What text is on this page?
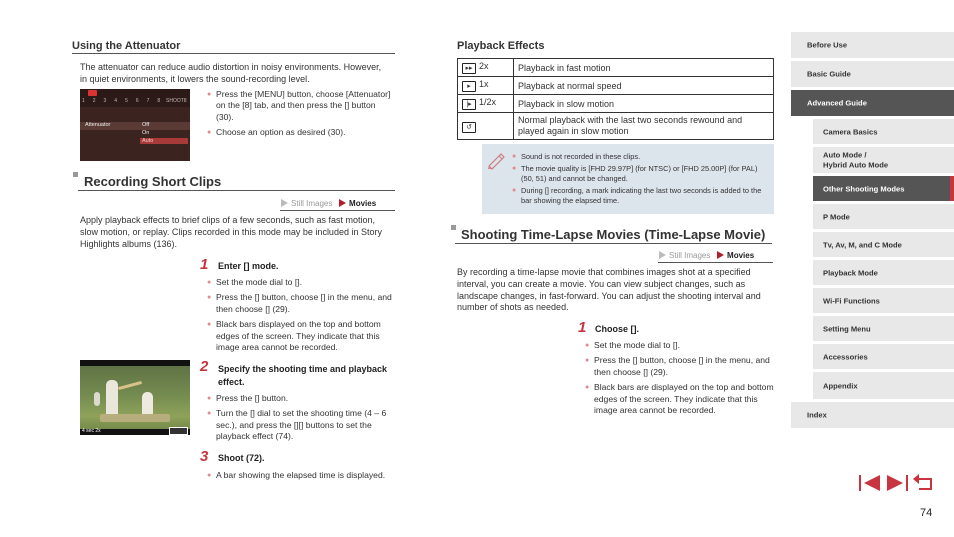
Using the Attenuator
The attenuator can reduce audio distortion in noisy environments. However, in quiet environments, it lowers the sound-recording level.
1 2 3 4 5 6 7 8 SHOOT8
Attenuator	Off
On
Auto
● Press the [MENU] button, choose [Attenuator] on the [8] tab, and then press the [] button (30).
● Choose an option as desired (30).
Recording Short Clips
Still Images Movies
Apply playback effects to brief clips of a few seconds, such as fast motion, slow motion, or replay. Clips recorded in this mode may be included in Story Highlights albums (136).
1 Enter [] mode.
● Set the mode dial to [].
● Press the [] button, choose [] in the menu, and then choose [] (29).
● Black bars displayed on the top and bottom edges of the screen. They indicate that this image area cannot be recorded.
4 sec 2x
2 Specify the shooting time and playback effect.
● Press the [] button.
● Turn the [] dial to set the shooting time (4 – 6 sec.), and press the [][] buttons to set the playback effect (74).
3 Shoot (72).
● A bar showing the elapsed time is displayed.
Playback Effects
▸▸ 2x	Playback in fast motion
▸ 1x	Playback at normal speed
|▸ 1/2x	Playback in slow motion
↺	Normal playback with the last two seconds rewound and played again in slow motion
● Sound is not recorded in these clips.
● The movie quality is [FHD 29.97P] (for NTSC) or [FHD 25.00P] (for PAL) (50, 51) and cannot be changed.
● During [] recording, a mark indicating the last two seconds is added to the bar showing the elapsed time.
Shooting Time-Lapse Movies (Time-Lapse Movie)
Still Images Movies
By recording a time-lapse movie that combines images shot at a specified interval, you can create a movie. You can view subject changes, such as landscape changes, in fast-forward. You can adjust the shooting interval and number of shots as needed.
1 Choose [].
● Set the mode dial to [].
● Press the [] button, choose [] in the menu, and then choose [] (29).
● Black bars are displayed on the top and bottom edges of the screen. They indicate that this image area cannot be recorded.
Before Use
Basic Guide
Advanced Guide
Camera Basics
Auto Mode /
Hybrid Auto Mode
Other Shooting Modes
P Mode
Tv, Av, M, and C Mode
Playback Mode
Wi-Fi Functions
Setting Menu
Accessories
Appendix
Index
74
